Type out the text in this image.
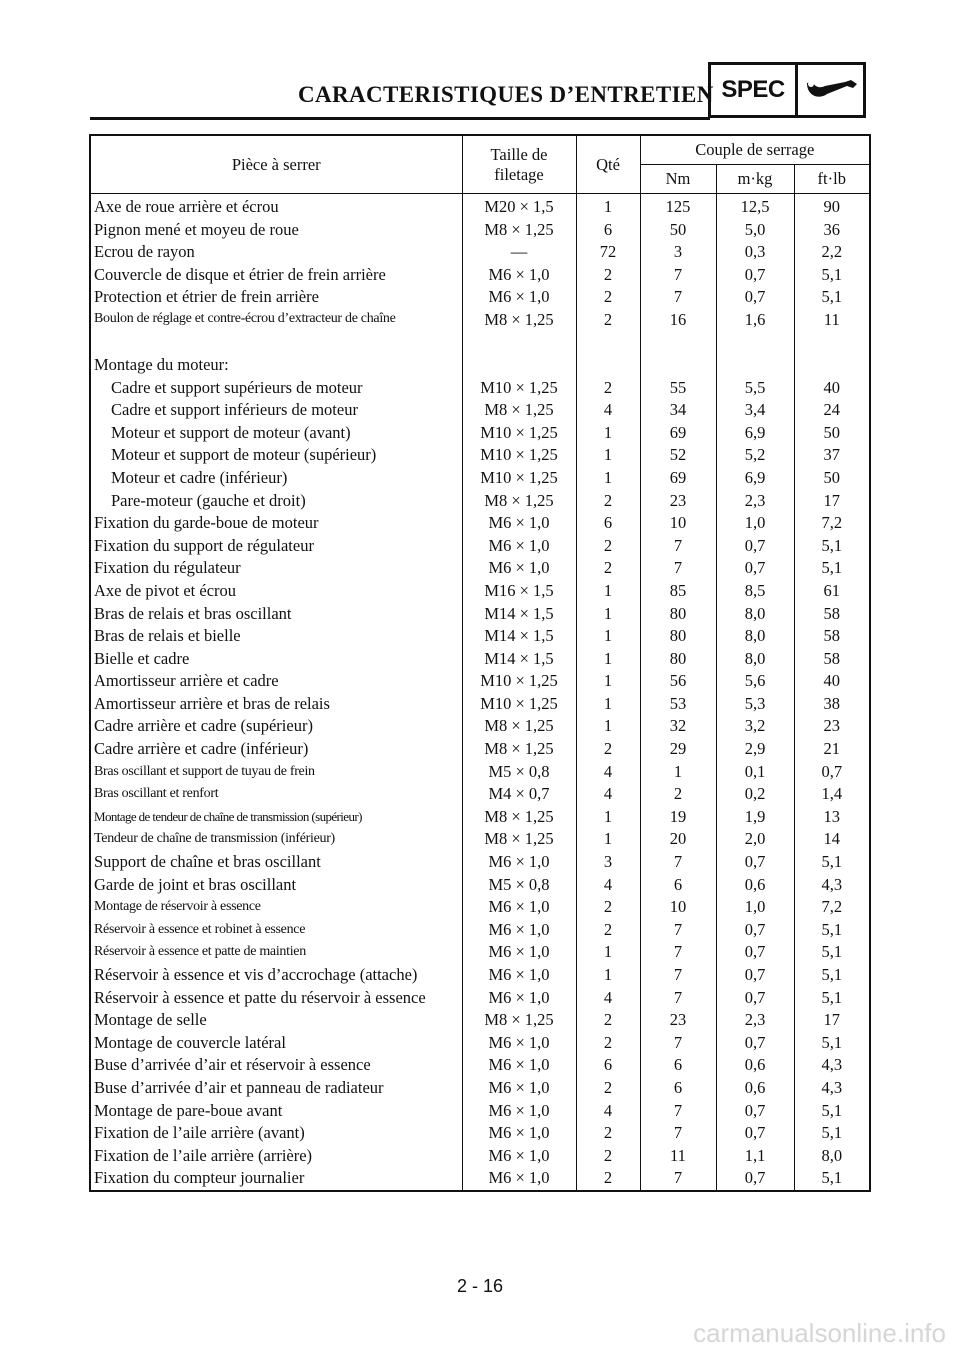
CARACTERISTIQUES D’ENTRETIEN SPEC
Pièce à serrer	Taille de filetage	Qté	Couple de serrage		
			Nm	m·kg	ft·lb
Axe de roue arrière et écrou	M20 × 1,5	1	125	12,5	90
Pignon mené et moyeu de roue	M8 × 1,25	6	50	5,0	36
Ecrou de rayon	—	72	3	0,3	2,2
Couvercle de disque et étrier de frein arrière	M6 × 1,0	2	7	0,7	5,1
Protection et étrier de frein arrière	M6 × 1,0	2	7	0,7	5,1
Boulon de réglage et contre-écrou d’extracteur de chaîne	M8 × 1,25	2	16	1,6	11
Montage du moteur:					
Cadre et support supérieurs de moteur	M10 × 1,25	2	55	5,5	40
Cadre et support inférieurs de moteur	M8 × 1,25	4	34	3,4	24
Moteur et support de moteur (avant)	M10 × 1,25	1	69	6,9	50
Moteur et support de moteur (supérieur)	M10 × 1,25	1	52	5,2	37
Moteur et cadre (inférieur)	M10 × 1,25	1	69	6,9	50
Pare-moteur (gauche et droit)	M8 × 1,25	2	23	2,3	17
Fixation du garde-boue de moteur	M6 × 1,0	6	10	1,0	7,2
Fixation du support de régulateur	M6 × 1,0	2	7	0,7	5,1
Fixation du régulateur	M6 × 1,0	2	7	0,7	5,1
Axe de pivot et écrou	M16 × 1,5	1	85	8,5	61
Bras de relais et bras oscillant	M14 × 1,5	1	80	8,0	58
Bras de relais et bielle	M14 × 1,5	1	80	8,0	58
Bielle et cadre	M14 × 1,5	1	80	8,0	58
Amortisseur arrière et cadre	M10 × 1,25	1	56	5,6	40
Amortisseur arrière et bras de relais	M10 × 1,25	1	53	5,3	38
Cadre arrière et cadre (supérieur)	M8 × 1,25	1	32	3,2	23
Cadre arrière et cadre (inférieur)	M8 × 1,25	2	29	2,9	21
Bras oscillant et support de tuyau de frein	M5 × 0,8	4	1	0,1	0,7
Bras oscillant et renfort	M4 × 0,7	4	2	0,2	1,4
Montage de tendeur de chaîne de transmission (supérieur)	M8 × 1,25	1	19	1,9	13
Tendeur de chaîne de transmission (inférieur)	M8 × 1,25	1	20	2,0	14
Support de chaîne et bras oscillant	M6 × 1,0	3	7	0,7	5,1
Garde de joint et bras oscillant	M5 × 0,8	4	6	0,6	4,3
Montage de réservoir à essence	M6 × 1,0	2	10	1,0	7,2
Réservoir à essence et robinet à essence	M6 × 1,0	2	7	0,7	5,1
Réservoir à essence et patte de maintien	M6 × 1,0	1	7	0,7	5,1
Réservoir à essence et vis d’accrochage (attache)	M6 × 1,0	1	7	0,7	5,1
Réservoir à essence et patte du réservoir à essence	M6 × 1,0	4	7	0,7	5,1
Montage de selle	M8 × 1,25	2	23	2,3	17
Montage de couvercle latéral	M6 × 1,0	2	7	0,7	5,1
Buse d’arrivée d’air et réservoir à essence	M6 × 1,0	6	6	0,6	4,3
Buse d’arrivée d’air et panneau de radiateur	M6 × 1,0	2	6	0,6	4,3
Montage de pare-boue avant	M6 × 1,0	4	7	0,7	5,1
Fixation de l’aile arrière (avant)	M6 × 1,0	2	7	0,7	5,1
Fixation de l’aile arrière (arrière)	M6 × 1,0	2	11	1,1	8,0
Fixation du compteur journalier	M6 × 1,0	2	7	0,7	5,1
2 - 16
carmanualsonline.info
